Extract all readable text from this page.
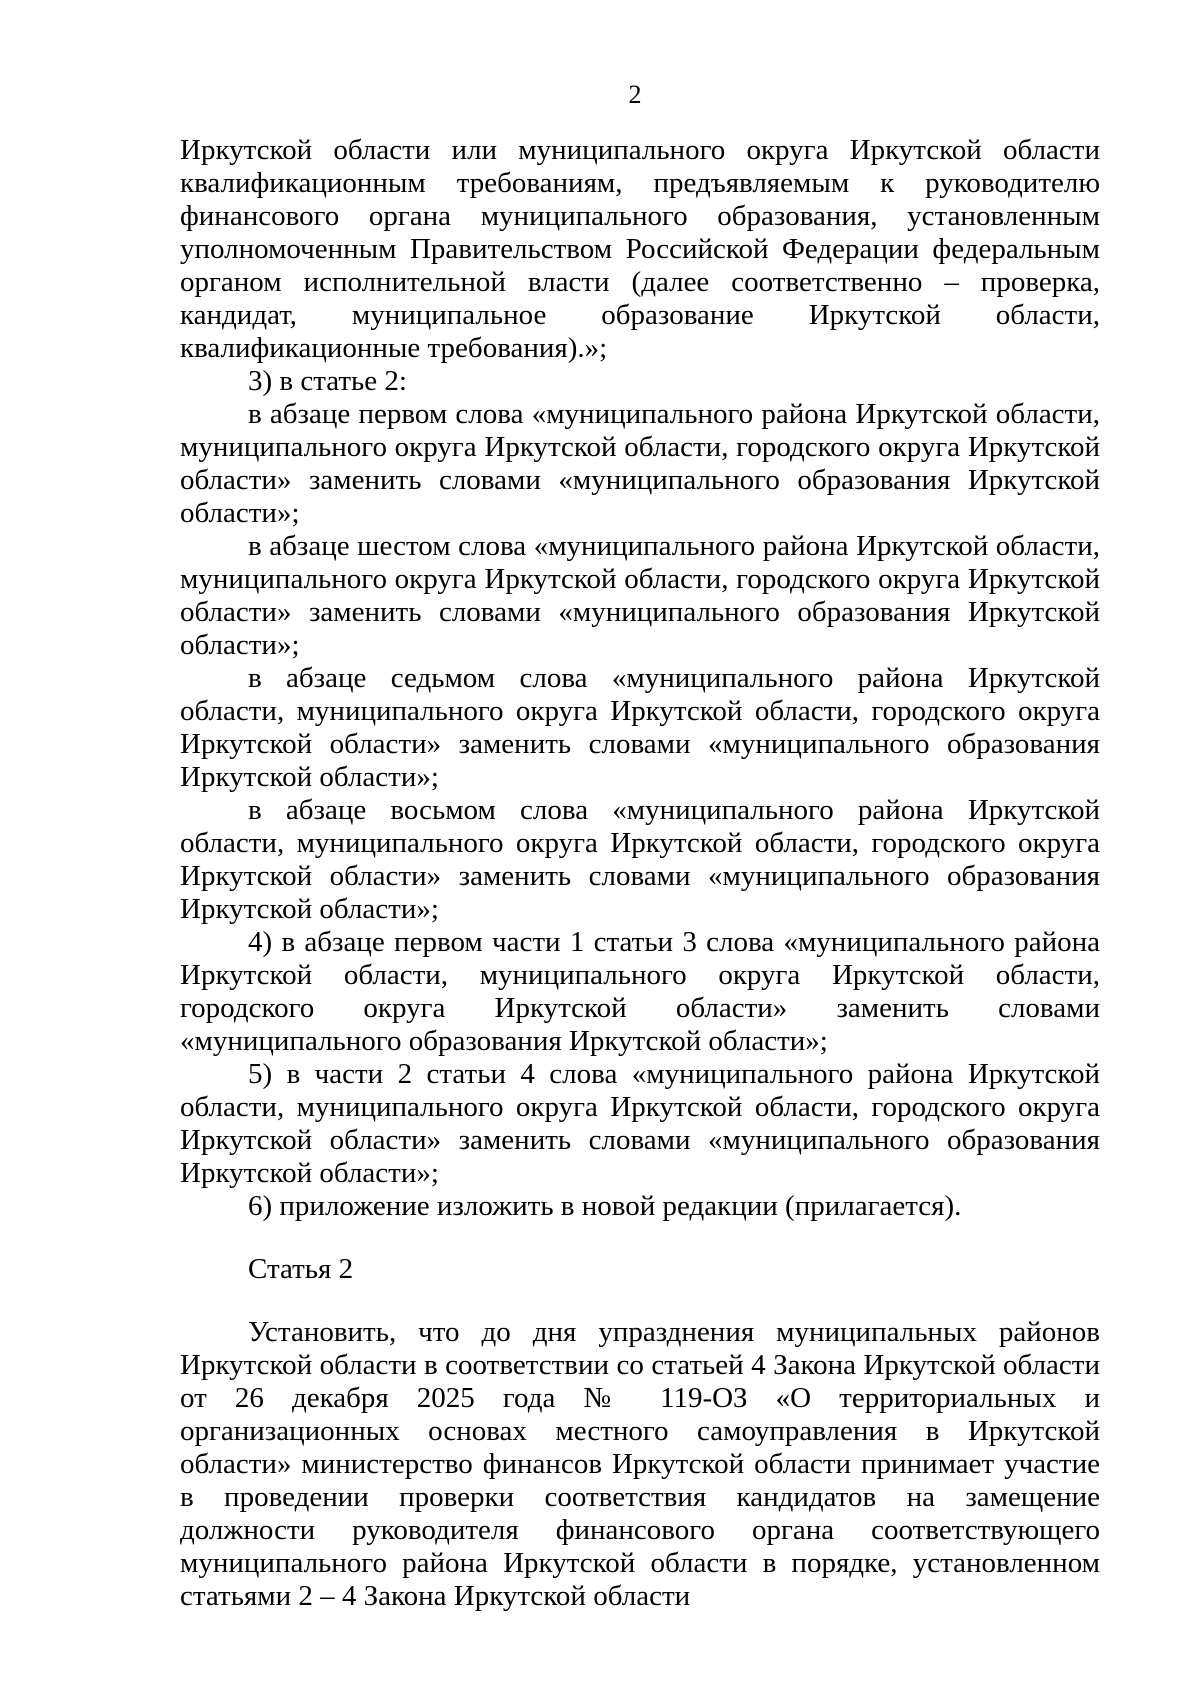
2

Иркутской области или муниципального округа Иркутской области квалификационным требованиям, предъявляемым к руководителю финансового органа муниципального образования, установленным уполномоченным Правительством Российской Федерации федеральным органом исполнительной власти (далее соответственно – проверка, кандидат, муниципальное образование Иркутской области, квалификационные требования).»;

3) в статье 2:

в абзаце первом слова «муниципального района Иркутской области, муниципального округа Иркутской области, городского округа Иркутской области» заменить словами «муниципального образования Иркутской области»;

в абзаце шестом слова «муниципального района Иркутской области, муниципального округа Иркутской области, городского округа Иркутской области» заменить словами «муниципального образования Иркутской области»;

в абзаце седьмом слова «муниципального района Иркутской области, муниципального округа Иркутской области, городского округа Иркутской области» заменить словами «муниципального образования Иркутской области»;

в абзаце восьмом слова «муниципального района Иркутской области, муниципального округа Иркутской области, городского округа Иркутской области» заменить словами «муниципального образования Иркутской области»;

4) в абзаце первом части 1 статьи 3 слова «муниципального района Иркутской области, муниципального округа Иркутской области, городского округа Иркутской области» заменить словами «муниципального образования Иркутской области»;

5) в части 2 статьи 4 слова «муниципального района Иркутской области, муниципального округа Иркутской области, городского округа Иркутской области» заменить словами «муниципального образования Иркутской области»;

6) приложение изложить в новой редакции (прилагается).

Статья 2

Установить, что до дня упразднения муниципальных районов Иркутской области в соответствии со статьей 4 Закона Иркутской области от 26 декабря 2025 года № 119-ОЗ «О территориальных и организационных основах местного самоуправления в Иркутской области» министерство финансов Иркутской области принимает участие в проведении проверки соответствия кандидатов на замещение должности руководителя финансового органа соответствующего муниципального района Иркутской области в порядке, установленном статьями 2 – 4 Закона Иркутской области
